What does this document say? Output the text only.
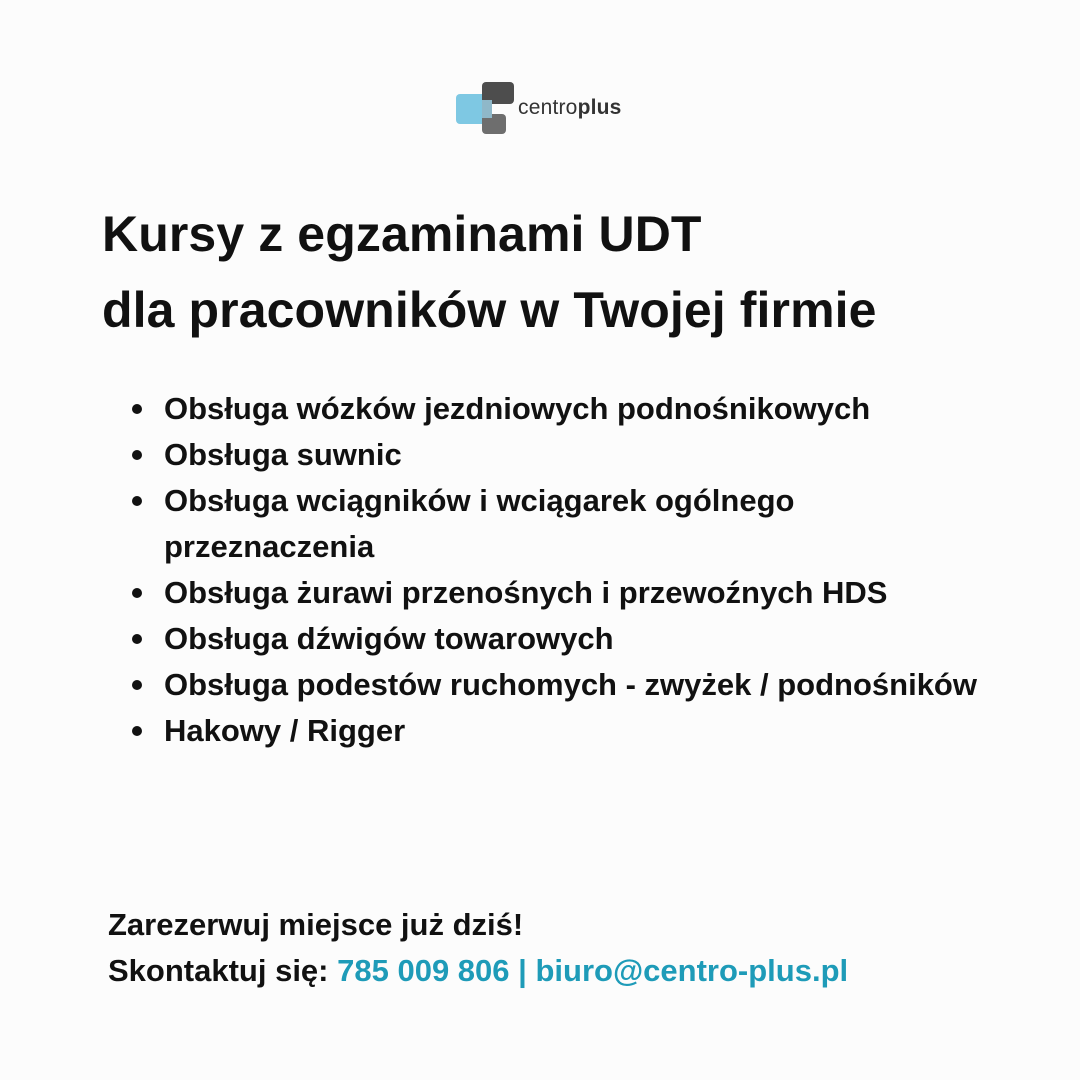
centroplus
Kursy z egzaminami UDT
dla pracowników w Twojej firmie
Obsługa wózków jezdniowych podnośnikowych
Obsługa suwnic
Obsługa wciągników i wciągarek ogólnego przeznaczenia
Obsługa żurawi przenośnych i przewoźnych HDS
Obsługa dźwigów towarowych
Obsługa podestów ruchomych - zwyżek / podnośników
Hakowy / Rigger
Zarezerwuj miejsce już dziś!
Skontaktuj się: 785 009 806 | biuro@centro-plus.pl
